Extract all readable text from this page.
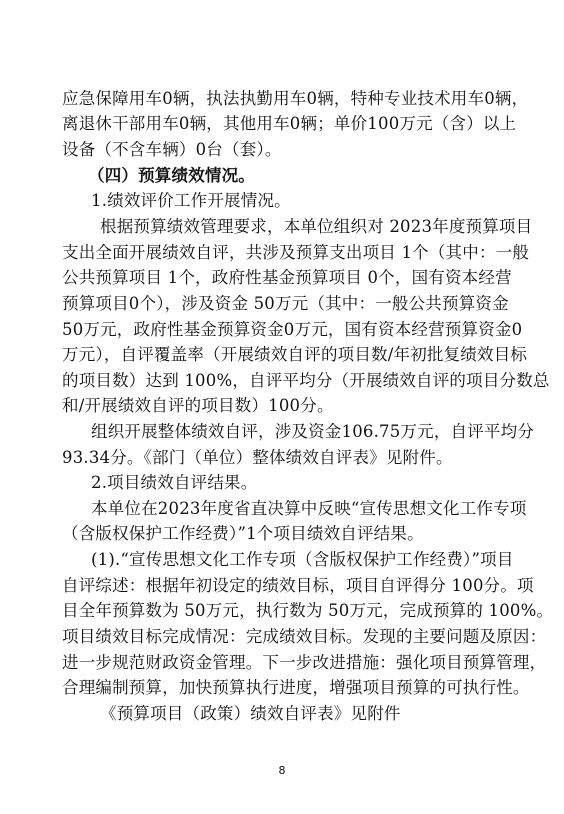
应急保障用车0辆，执法执勤用车0辆，特种专业技术用车0辆，
离退休干部用车0辆，其他用车0辆；单价100万元（含）以上
设备（不含车辆）0台（套）。
（四）预算绩效情况。
1.绩效评价工作开展情况。
根据预算绩效管理要求，本单位组织对 2023年度预算项目
支出全面开展绩效自评，共涉及预算支出项目 1个（其中：一般
公共预算项目 1个，政府性基金预算项目 0个，国有资本经营
预算项目0个），涉及资金 50万元（其中：一般公共预算资金
50万元，政府性基金预算资金0万元，国有资本经营预算资金0
万元），自评覆盖率（开展绩效自评的项目数/年初批复绩效目标
的项目数）达到 100%，自评平均分（开展绩效自评的项目分数总
和/开展绩效自评的项目数）100分。
组织开展整体绩效自评，涉及资金106.75万元，自评平均分
93.34分。《部门（单位）整体绩效自评表》见附件。
2.项目绩效自评结果。
本单位在2023年度省直决算中反映“宣传思想文化工作专项
（含版权保护工作经费）”1个项目绩效自评结果。
(1).“宣传思想文化工作专项（含版权保护工作经费）”项目
自评综述：根据年初设定的绩效目标，项目自评得分 100分。项
目全年预算数为 50万元，执行数为 50万元，完成预算的 100%。
项目绩效目标完成情况：完成绩效目标。发现的主要问题及原因：
进一步规范财政资金管理。下一步改进措施：强化项目预算管理，
合理编制预算，加快预算执行进度，增强项目预算的可执行性。
《预算项目（政策）绩效自评表》见附件
8
